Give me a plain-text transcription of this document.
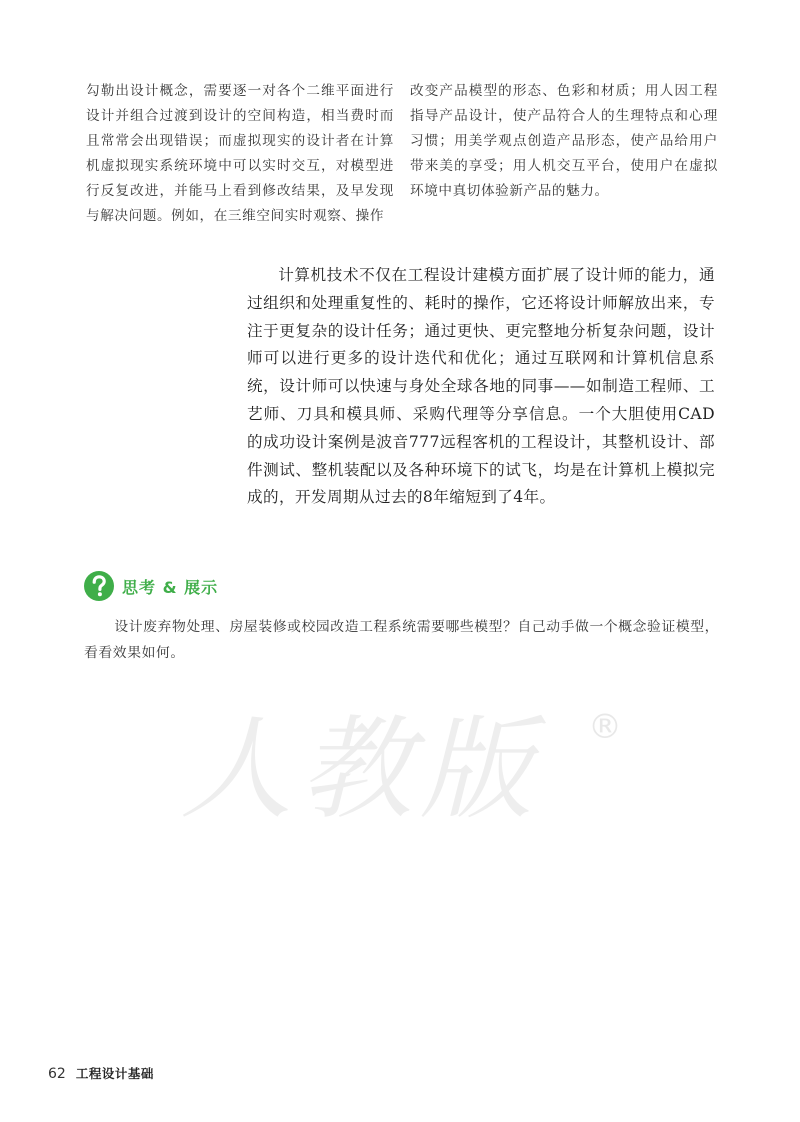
勾勒出设计概念，需要逐一对各个二维平面进行设计并组合过渡到设计的空间构造，相当费时而且常常会出现错误；而虚拟现实的设计者在计算机虚拟现实系统环境中可以实时交互，对模型进行反复改进，并能马上看到修改结果，及早发现与解决问题。例如，在三维空间实时观察、操作
改变产品模型的形态、色彩和材质；用人因工程指导产品设计，使产品符合人的生理特点和心理习惯；用美学观点创造产品形态，使产品给用户带来美的享受；用人机交互平台，使用户在虚拟环境中真切体验新产品的魅力。
计算机技术不仅在工程设计建模方面扩展了设计师的能力，通过组织和处理重复性的、耗时的操作，它还将设计师解放出来，专注于更复杂的设计任务；通过更快、更完整地分析复杂问题，设计师可以进行更多的设计迭代和优化；通过互联网和计算机信息系统，设计师可以快速与身处全球各地的同事——如制造工程师、工艺师、刀具和模具师、采购代理等分享信息。一个大胆使用CAD的成功设计案例是波音777远程客机的工程设计，其整机设计、部件测试、整机装配以及各种环境下的试飞，均是在计算机上模拟完成的，开发周期从过去的8年缩短到了4年。
思考 & 展示
设计废弃物处理、房屋装修或校园改造工程系统需要哪些模型？自己动手做一个概念验证模型，看看效果如何。
人教版 ®
62 工程设计基础
